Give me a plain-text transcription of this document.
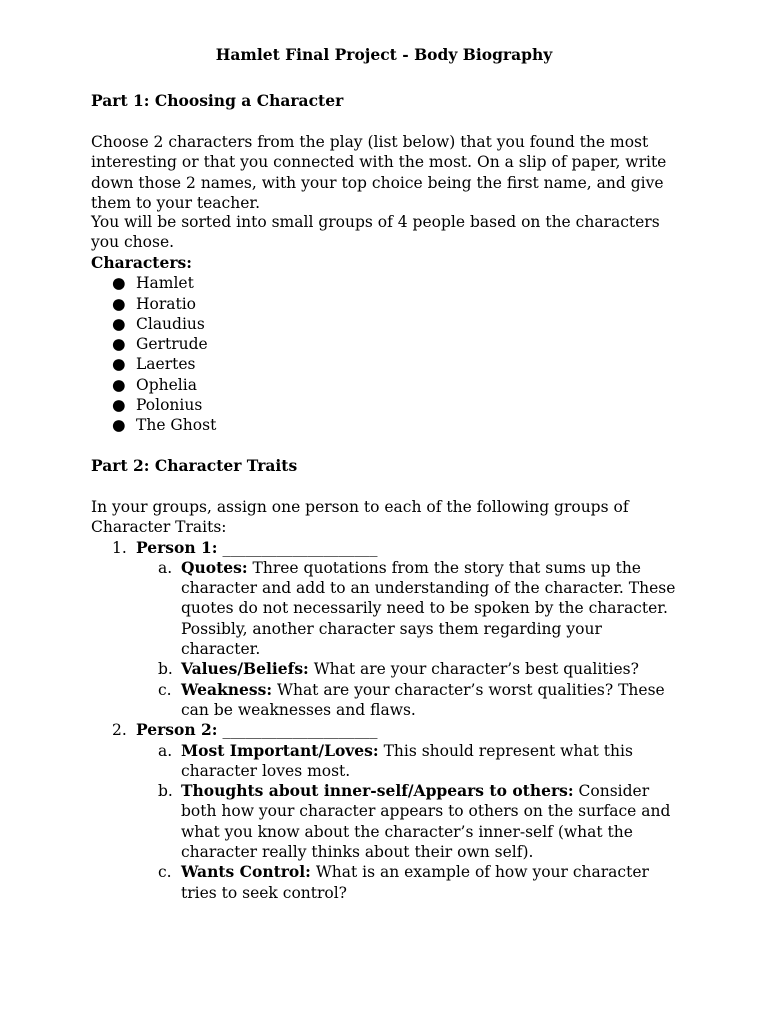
Hamlet Final Project - Body Biography

Part 1: Choosing a Character

Choose 2 characters from the play (list below) that you found the most interesting or that you connected with the most. On a slip of paper, write down those 2 names, with your top choice being the first name, and give them to your teacher.

You will be sorted into small groups of 4 people based on the characters you chose.

Characters:

● Hamlet
● Horatio
● Claudius
● Gertrude
● Laertes
● Ophelia
● Polonius
● The Ghost

Part 2: Character Traits

In your groups, assign one person to each of the following groups of Character Traits:

1. Person 1: ____________________
a. Quotes: Three quotations from the story that sums up the character and add to an understanding of the character. These quotes do not necessarily need to be spoken by the character. Possibly, another character says them regarding your character.
b. Values/Beliefs: What are your character’s best qualities?
c. Weakness: What are your character’s worst qualities? These can be weaknesses and flaws.
2. Person 2: ____________________
a. Most Important/Loves: This should represent what this character loves most.
b. Thoughts about inner-self/Appears to others: Consider both how your character appears to others on the surface and what you know about the character’s inner-self (what the character really thinks about their own self).
c. Wants Control: What is an example of how your character tries to seek control?
